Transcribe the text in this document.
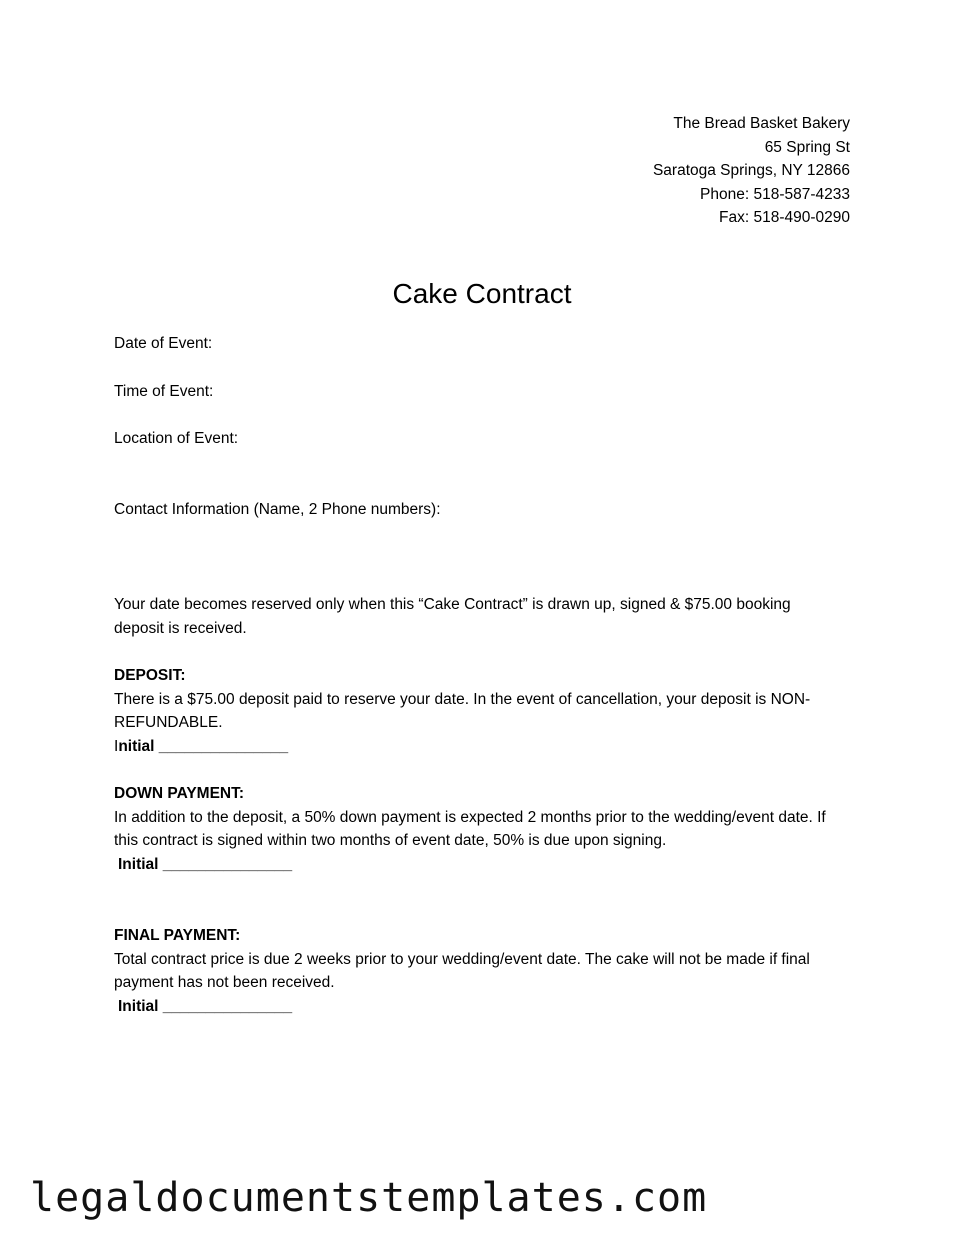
The Bread Basket Bakery
65 Spring St
Saratoga Springs, NY 12866
Phone: 518-587-4233
Fax: 518-490-0290
Cake Contract
Date of Event:
Time of Event:
Location of Event:
Contact Information (Name, 2 Phone numbers):
Your date becomes reserved only when this “Cake Contract” is drawn up, signed & $75.00 booking deposit is received.
DEPOSIT:
There is a $75.00 deposit paid to reserve your date. In the event of cancellation, your deposit is NON-REFUNDABLE.
Initial _______________
DOWN PAYMENT:
In addition to the deposit, a 50% down payment is expected 2 months prior to the wedding/event date. If this contract is signed within two months of event date, 50% is due upon signing.
Initial _______________
FINAL PAYMENT:
Total contract price is due 2 weeks prior to your wedding/event date. The cake will not be made if final payment has not been received.
Initial _______________
legaldocumentstemplates.com
